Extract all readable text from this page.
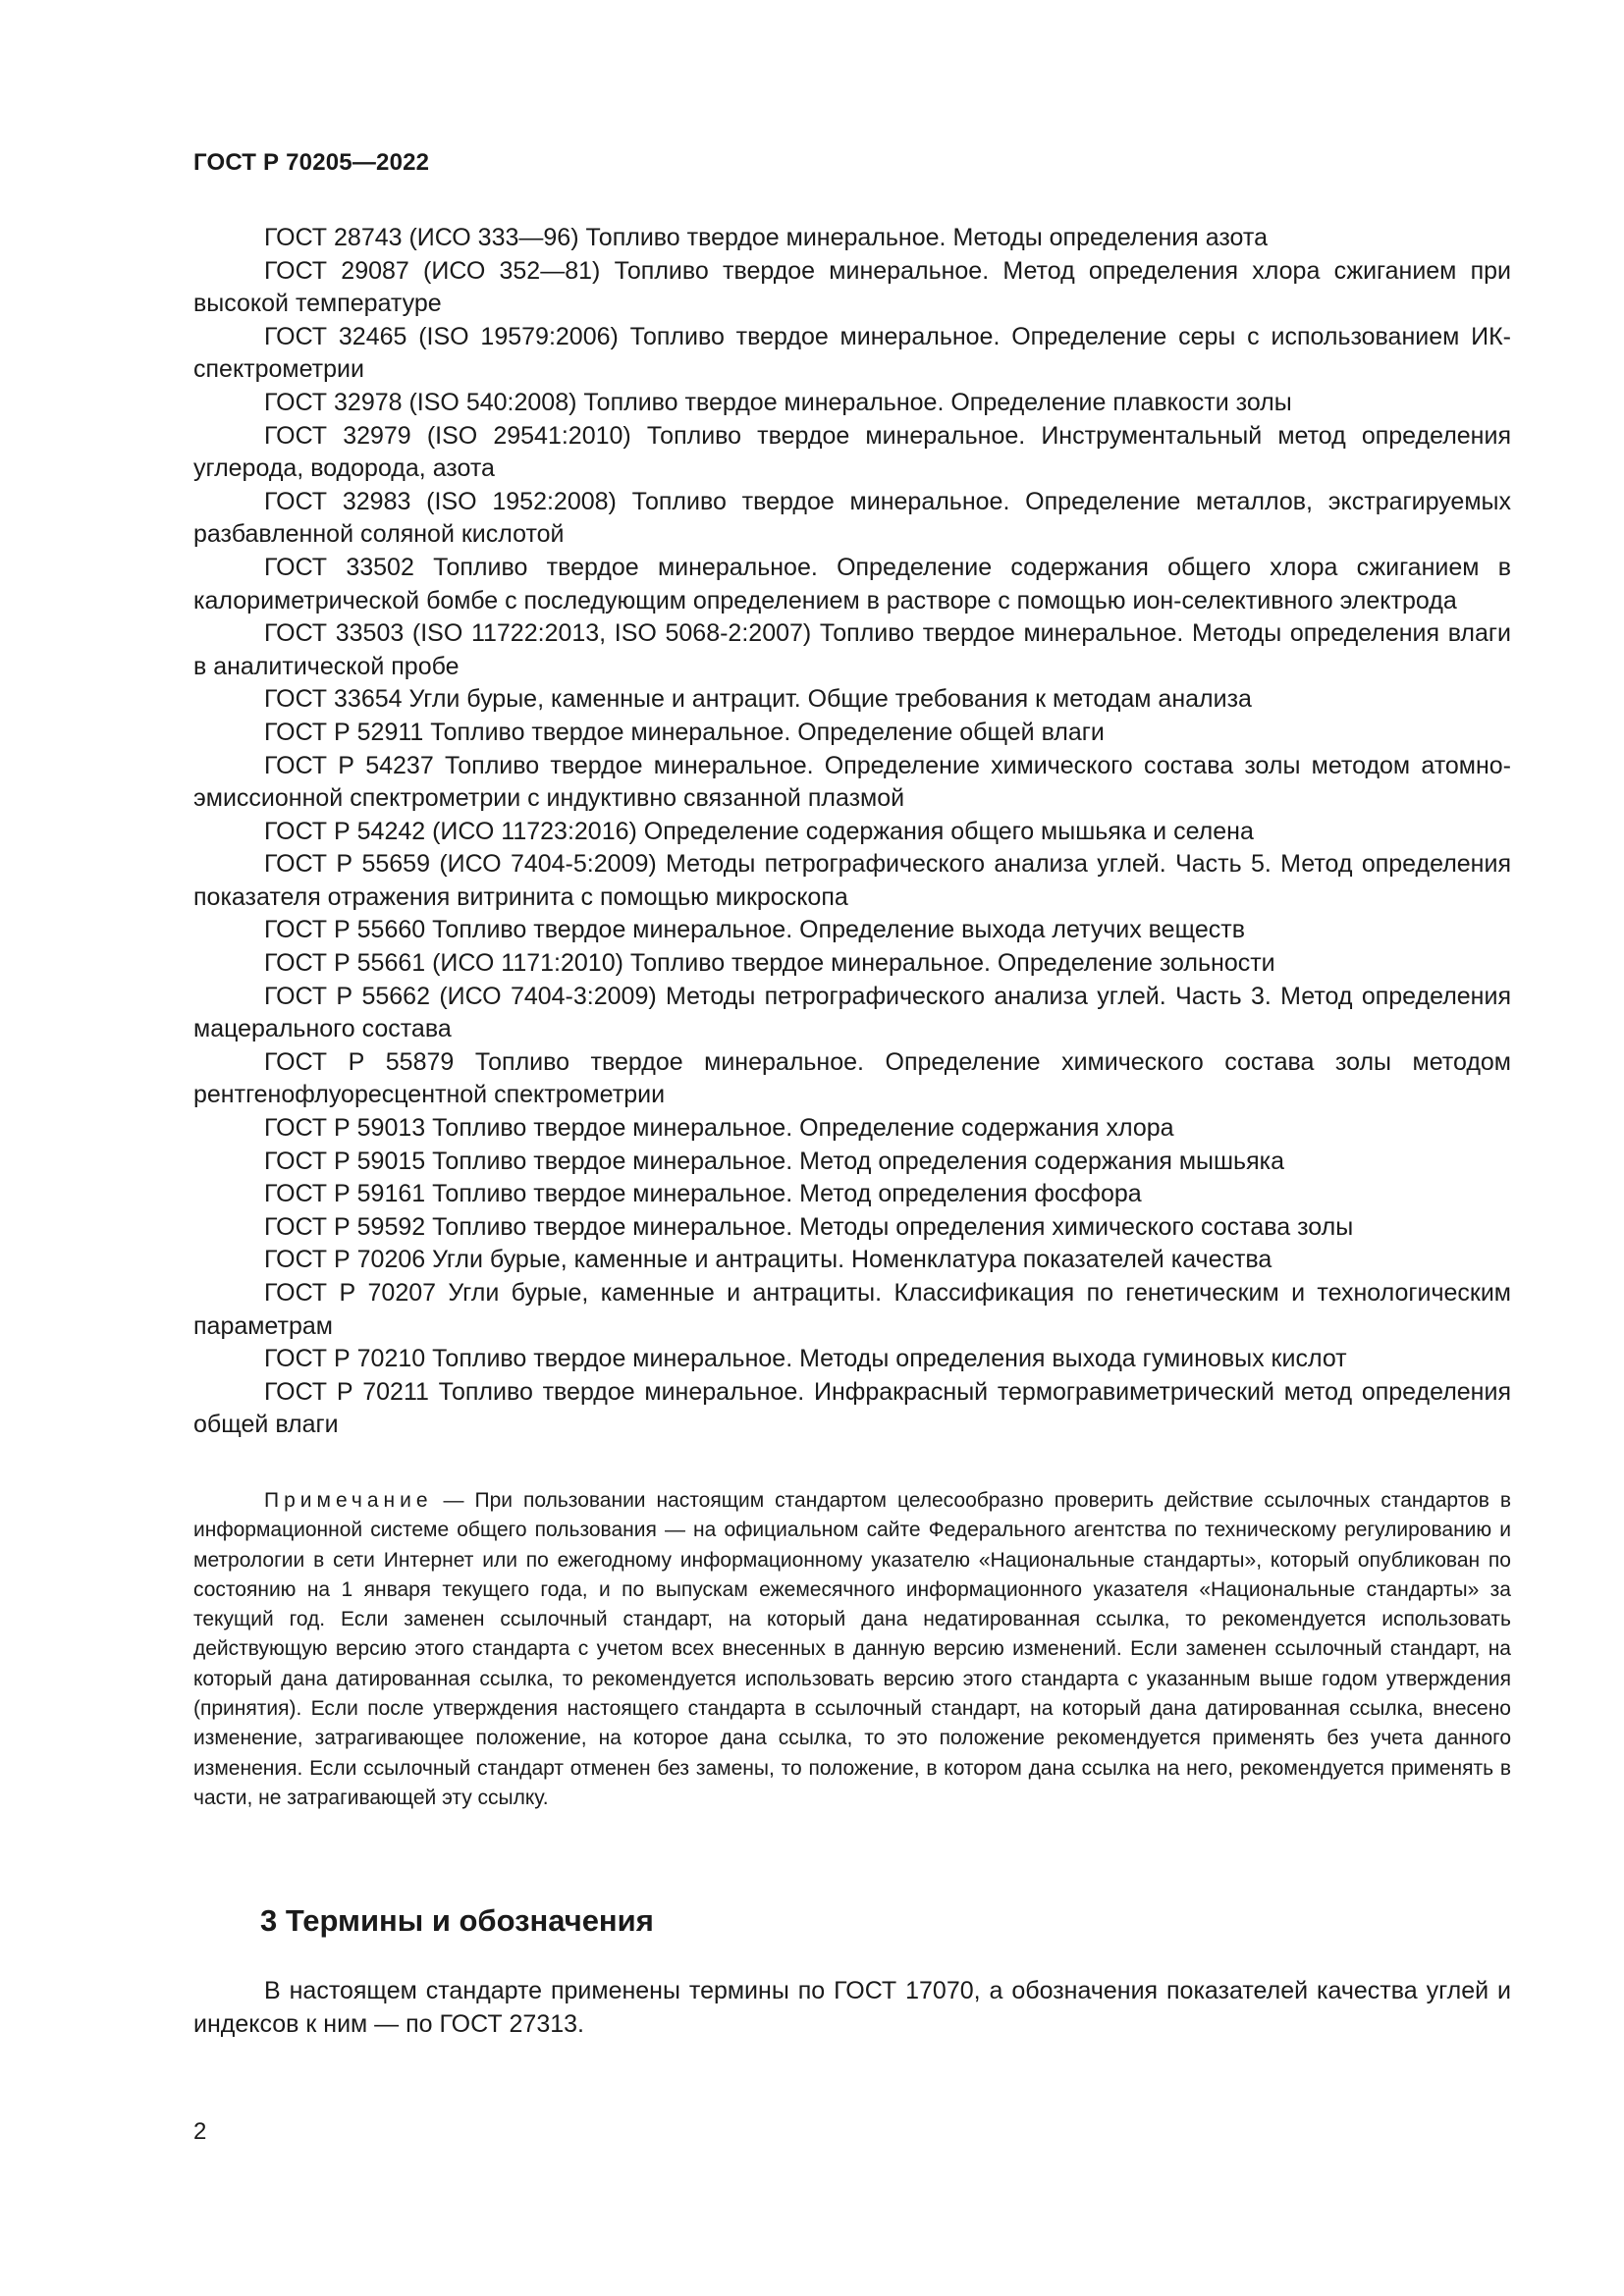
ГОСТ Р 70205—2022

ГОСТ 28743 (ИСО 333—96) Топливо твердое минеральное. Методы определения азота

ГОСТ 29087 (ИСО 352—81) Топливо твердое минеральное. Метод определения хлора сжиганием при высокой температуре

ГОСТ 32465 (ISO 19579:2006) Топливо твердое минеральное. Определение серы с использованием ИК-спектрометрии

ГОСТ 32978 (ISO 540:2008) Топливо твердое минеральное. Определение плавкости золы

ГОСТ 32979 (ISO 29541:2010) Топливо твердое минеральное. Инструментальный метод определения углерода, водорода, азота

ГОСТ 32983 (ISO 1952:2008) Топливо твердое минеральное. Определение металлов, экстрагируемых разбавленной соляной кислотой

ГОСТ 33502 Топливо твердое минеральное. Определение содержания общего хлора сжиганием в калориметрической бомбе с последующим определением в растворе с помощью ион-селективного электрода

ГОСТ 33503 (ISO 11722:2013, ISO 5068-2:2007) Топливо твердое минеральное. Методы определения влаги в аналитической пробе

ГОСТ 33654 Угли бурые, каменные и антрацит. Общие требования к методам анализа

ГОСТ Р 52911 Топливо твердое минеральное. Определение общей влаги

ГОСТ Р 54237 Топливо твердое минеральное. Определение химического состава золы методом атомно-эмиссионной спектрометрии с индуктивно связанной плазмой

ГОСТ Р 54242 (ИСО 11723:2016) Определение содержания общего мышьяка и селена

ГОСТ Р 55659 (ИСО 7404-5:2009) Методы петрографического анализа углей. Часть 5. Метод определения показателя отражения витринита с помощью микроскопа

ГОСТ Р 55660 Топливо твердое минеральное. Определение выхода летучих веществ

ГОСТ Р 55661 (ИСО 1171:2010) Топливо твердое минеральное. Определение зольности

ГОСТ Р 55662 (ИСО 7404-3:2009) Методы петрографического анализа углей. Часть 3. Метод определения мацерального состава

ГОСТ Р 55879 Топливо твердое минеральное. Определение химического состава золы методом рентгенофлуоресцентной спектрометрии

ГОСТ Р 59013 Топливо твердое минеральное. Определение содержания хлора

ГОСТ Р 59015 Топливо твердое минеральное. Метод определения содержания мышьяка

ГОСТ Р 59161 Топливо твердое минеральное. Метод определения фосфора

ГОСТ Р 59592 Топливо твердое минеральное. Методы определения химического состава золы

ГОСТ Р 70206 Угли бурые, каменные и антрациты. Номенклатура показателей качества

ГОСТ Р 70207 Угли бурые, каменные и антрациты. Классификация по генетическим и технологическим параметрам

ГОСТ Р 70210 Топливо твердое минеральное. Методы определения выхода гуминовых кислот

ГОСТ Р 70211 Топливо твердое минеральное. Инфракрасный термогравиметрический метод определения общей влаги

Примечание — При пользовании настоящим стандартом целесообразно проверить действие ссылочных стандартов в информационной системе общего пользования — на официальном сайте Федерального агентства по техническому регулированию и метрологии в сети Интернет или по ежегодному информационному указателю «Национальные стандарты», который опубликован по состоянию на 1 января текущего года, и по выпускам ежемесячного информационного указателя «Национальные стандарты» за текущий год. Если заменен ссылочный стандарт, на который дана недатированная ссылка, то рекомендуется использовать действующую версию этого стандарта с учетом всех внесенных в данную версию изменений. Если заменен ссылочный стандарт, на который дана датированная ссылка, то рекомендуется использовать версию этого стандарта с указанным выше годом утверждения (принятия). Если после утверждения настоящего стандарта в ссылочный стандарт, на который дана датированная ссылка, внесено изменение, затрагивающее положение, на которое дана ссылка, то это положение рекомендуется применять без учета данного изменения. Если ссылочный стандарт отменен без замены, то положение, в котором дана ссылка на него, рекомендуется применять в части, не затрагивающей эту ссылку.

3 Термины и обозначения

В настоящем стандарте применены термины по ГОСТ 17070, а обозначения показателей качества углей и индексов к ним — по ГОСТ 27313.

2
